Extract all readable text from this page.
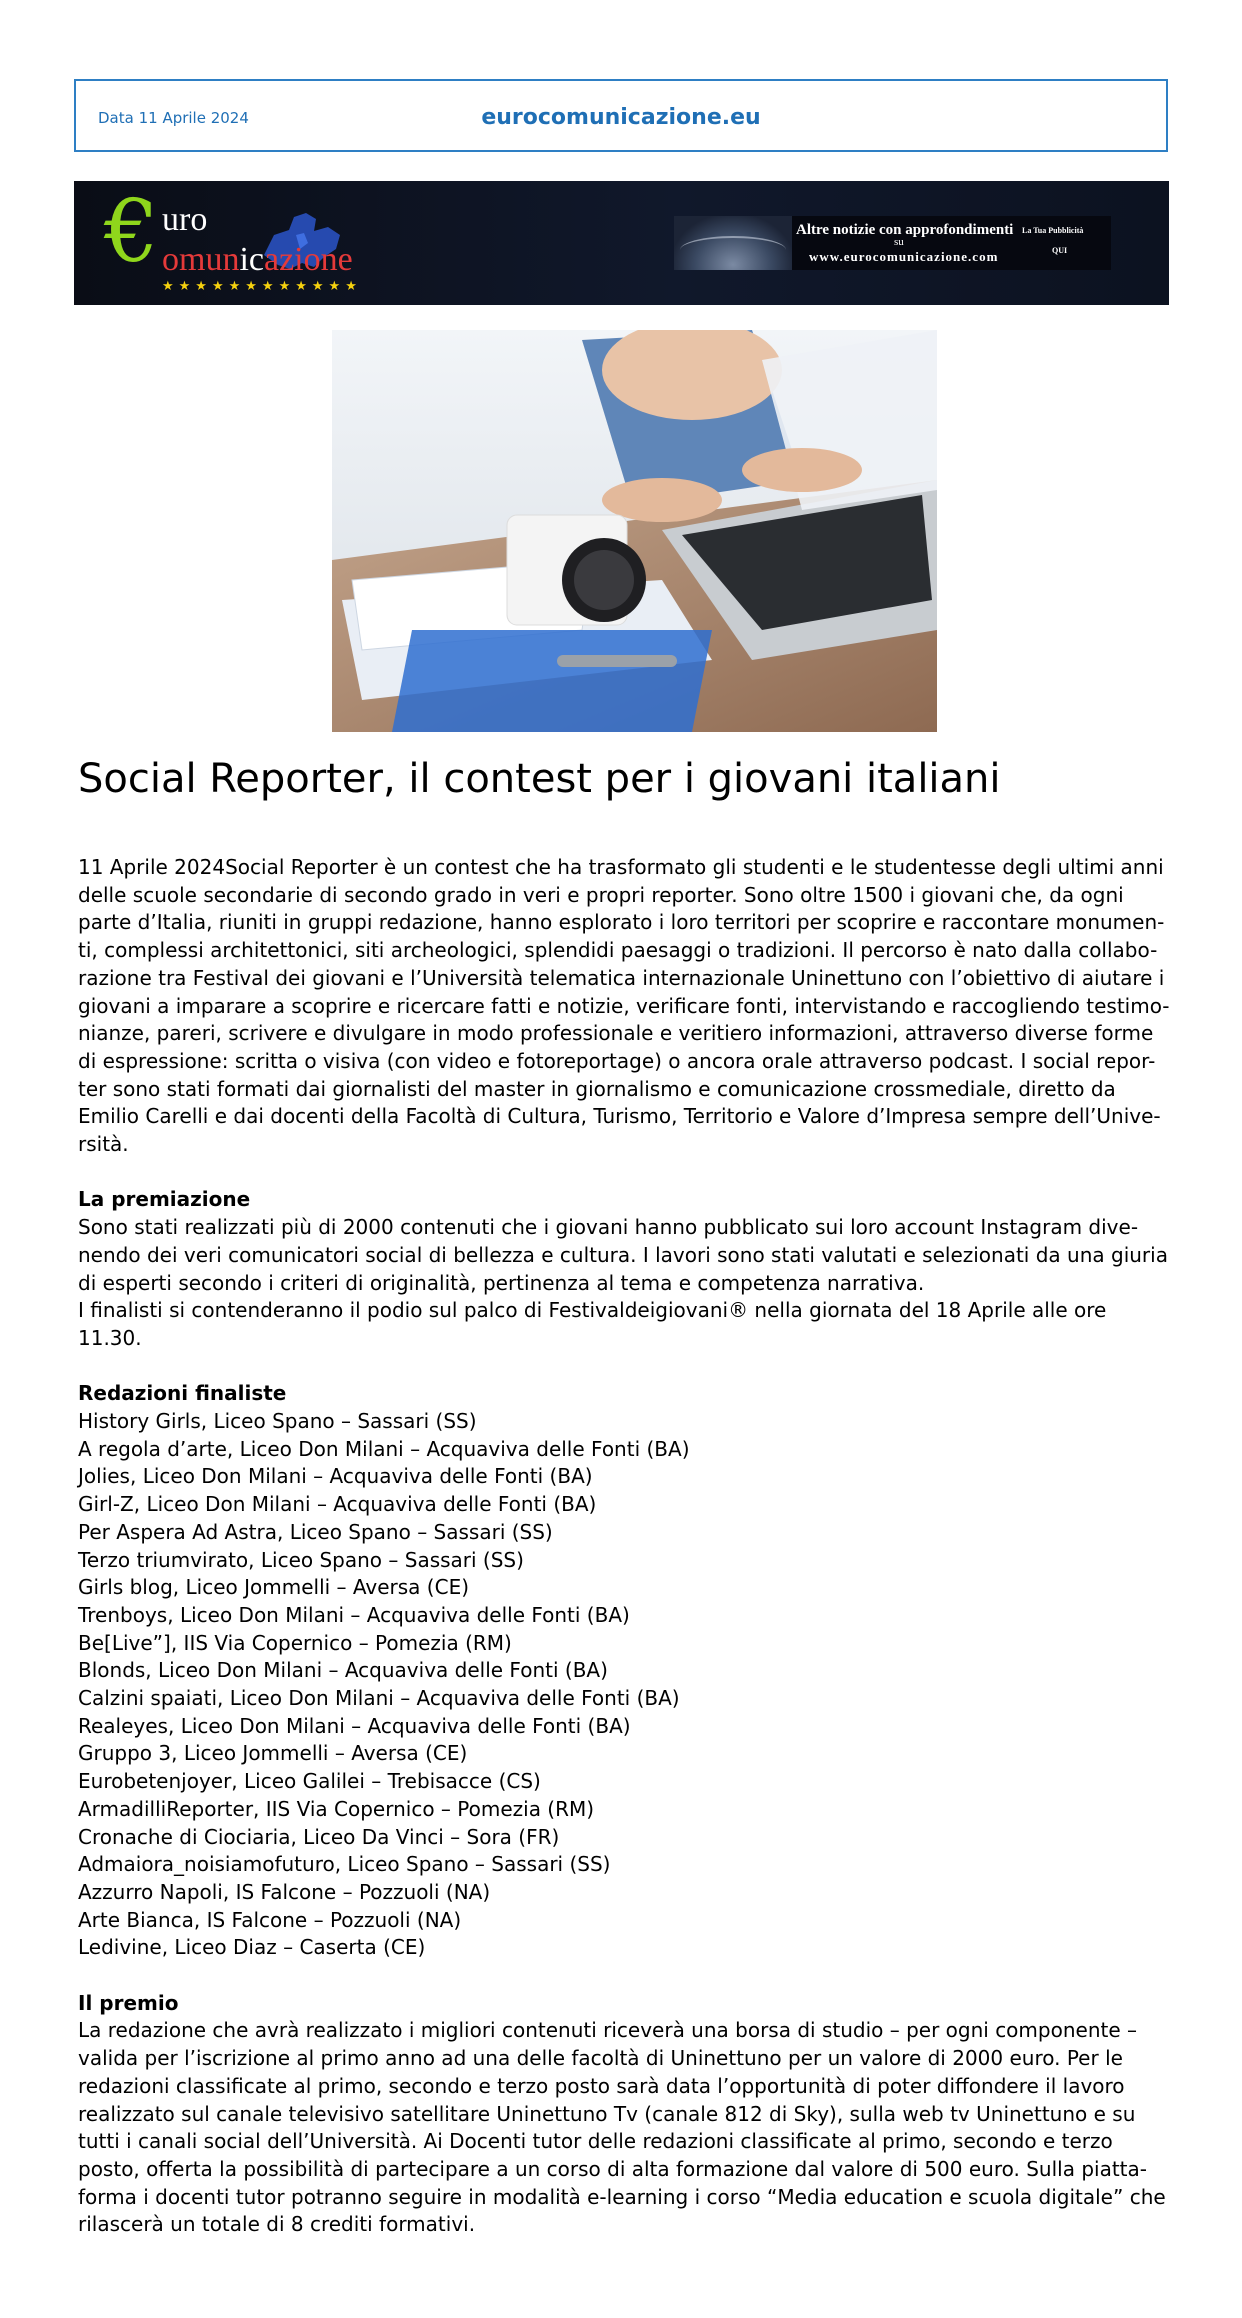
Data 11 Aprile 2024	eurocomunicazione.eu
€ uro
omunicazione
★★★★★★★★★★★★
Altre notizie con approfondimenti
su
www.eurocomunicazione.com
La Tua Pubblicità
QUI
Social Reporter, il contest per i giovani italiani

11 Aprile 2024Social Reporter è un contest che ha trasformato gli studenti e le studentesse degli ultimi anni

delle scuole secondarie di secondo grado in veri e propri reporter. Sono oltre 1500 i giovani che, da ogni

parte d’Italia, riuniti in gruppi redazione, hanno esplorato i loro territori per scoprire e raccontare monumen-

ti, complessi architettonici, siti archeologici, splendidi paesaggi o tradizioni. Il percorso è nato dalla collabo-

razione tra Festival dei giovani e l’Università telematica internazionale Uninettuno con l’obiettivo di aiutare i

giovani a imparare a scoprire e ricercare fatti e notizie, verificare fonti, intervistando e raccogliendo testimo-

nianze, pareri, scrivere e divulgare in modo professionale e veritiero informazioni, attraverso diverse forme

di espressione: scritta o visiva (con video e fotoreportage) o ancora orale attraverso podcast. I social repor-

ter sono stati formati dai giornalisti del master in giornalismo e comunicazione crossmediale, diretto da

Emilio Carelli e dai docenti della Facoltà di Cultura, Turismo, Territorio e Valore d’Impresa sempre dell’Unive-

rsità.

La premiazione

Sono stati realizzati più di 2000 contenuti che i giovani hanno pubblicato sui loro account Instagram dive-

nendo dei veri comunicatori social di bellezza e cultura. I lavori sono stati valutati e selezionati da una giuria

di esperti secondo i criteri di originalità, pertinenza al tema e competenza narrativa.

I finalisti si contenderanno il podio sul palco di Festivaldeigiovani® nella giornata del 18 Aprile alle ore

11.30.

Redazioni finaliste

History Girls, Liceo Spano – Sassari (SS)

A regola d’arte, Liceo Don Milani – Acquaviva delle Fonti (BA)

Jolies, Liceo Don Milani – Acquaviva delle Fonti (BA)

Girl-Z, Liceo Don Milani – Acquaviva delle Fonti (BA)

Per Aspera Ad Astra, Liceo Spano – Sassari (SS)

Terzo triumvirato, Liceo Spano – Sassari (SS)

Girls blog, Liceo Jommelli – Aversa (CE)

Trenboys, Liceo Don Milani – Acquaviva delle Fonti (BA)

Be[Live”], IIS Via Copernico – Pomezia (RM)

Blonds, Liceo Don Milani – Acquaviva delle Fonti (BA)

Calzini spaiati, Liceo Don Milani – Acquaviva delle Fonti (BA)

Realeyes, Liceo Don Milani – Acquaviva delle Fonti (BA)

Gruppo 3, Liceo Jommelli – Aversa (CE)

Eurobetenjoyer, Liceo Galilei – Trebisacce (CS)

ArmadilliReporter, IIS Via Copernico – Pomezia (RM)

Cronache di Ciociaria, Liceo Da Vinci – Sora (FR)

Admaiora_noisiamofuturo, Liceo Spano – Sassari (SS)

Azzurro Napoli, IS Falcone – Pozzuoli (NA)

Arte Bianca, IS Falcone – Pozzuoli (NA)

Ledivine, Liceo Diaz – Caserta (CE)

Il premio

La redazione che avrà realizzato i migliori contenuti riceverà una borsa di studio – per ogni componente –

valida per l’iscrizione al primo anno ad una delle facoltà di Uninettuno per un valore di 2000 euro. Per le

redazioni classificate al primo, secondo e terzo posto sarà data l’opportunità di poter diffondere il lavoro

realizzato sul canale televisivo satellitare Uninettuno Tv (canale 812 di Sky), sulla web tv Uninettuno e su

tutti i canali social dell’Università. Ai Docenti tutor delle redazioni classificate al primo, secondo e terzo

posto, offerta la possibilità di partecipare a un corso di alta formazione dal valore di 500 euro. Sulla piatta-

forma i docenti tutor potranno seguire in modalità e-learning i corso “Media education e scuola digitale” che

rilascerà un totale di 8 crediti formativi.
